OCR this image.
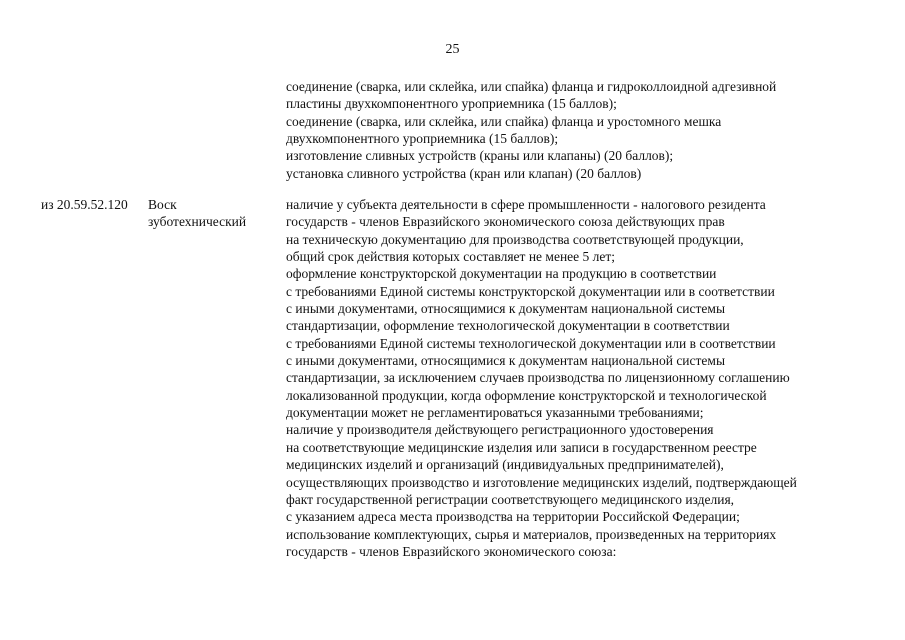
25
соединение (сварка, или склейка, или спайка) фланца и гидроколлоидной адгезивной
пластины двухкомпонентного уроприемника (15 баллов);
соединение (сварка, или склейка, или спайка) фланца и уростомного мешка
двухкомпонентного уроприемника (15 баллов);
изготовление сливных устройств (краны или клапаны) (20 баллов);
установка сливного устройства (кран или клапан) (20 баллов)
из 20.59.52.120	Воск
зуботехнический
наличие у субъекта деятельности в сфере промышленности - налогового резидента
государств - членов Евразийского экономического союза действующих прав
на техническую документацию для производства соответствующей продукции,
общий срок действия которых составляет не менее 5 лет;
оформление конструкторской документации на продукцию в соответствии
с требованиями Единой системы конструкторской документации или в соответствии
с иными документами, относящимися к документам национальной системы
стандартизации, оформление технологической документации в соответствии
с требованиями Единой системы технологической документации или в соответствии
с иными документами, относящимися к документам национальной системы
стандартизации, за исключением случаев производства по лицензионному соглашению
локализованной продукции, когда оформление конструкторской и технологической
документации может не регламентироваться указанными требованиями;
наличие у производителя действующего регистрационного удостоверения
на соответствующие медицинские изделия или записи в государственном реестре
медицинских изделий и организаций (индивидуальных предпринимателей),
осуществляющих производство и изготовление медицинских изделий, подтверждающей
факт государственной регистрации соответствующего медицинского изделия,
с указанием адреса места производства на территории Российской Федерации;
использование комплектующих, сырья и материалов, произведенных на территориях
государств - членов Евразийского экономического союза:
